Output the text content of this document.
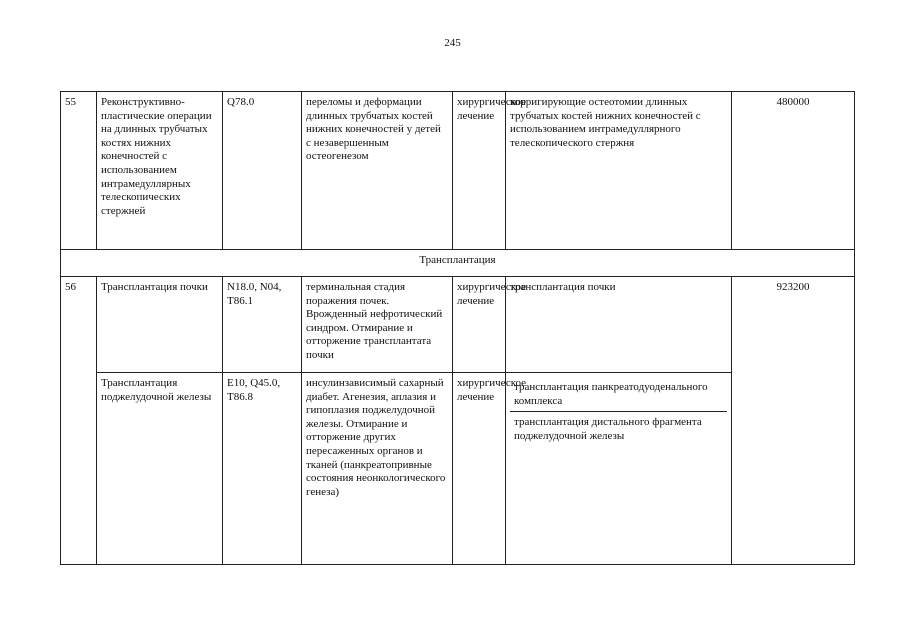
245
55	Реконструктивно-пластические операции на длинных трубчатых костях нижних конечностей с использованием интрамедуллярных телескопических стержней	Q78.0	переломы и деформации длинных трубчатых костей нижних конечностей у детей с незавершенным остеогенезом	хирургическое лечение	корригирующие остеотомии длинных трубчатых костей нижних конечностей с использованием интрамедуллярного телескопического стержня	480000
Трансплантация						
56	Трансплантация почки	N18.0, N04, T86.1	терминальная стадия поражения почек. Врожденный нефротический синдром. Отмирание и отторжение трансплантата почки	хирургическое лечение	трансплантация почки	923200
	Трансплантация поджелудочной железы	E10, Q45.0, T86.8	инсулинзависимый сахарный диабет. Агенезия, аплазия и гипоплазия поджелудочной железы. Отмирание и отторжение других пересаженных органов и тканей (панкреатопривные состояния неонкологического генеза)	хирургическое лечение	трансплантация панкреатодуоденального комплекса
трансплантация дистального фрагмента поджелудочной железы	
